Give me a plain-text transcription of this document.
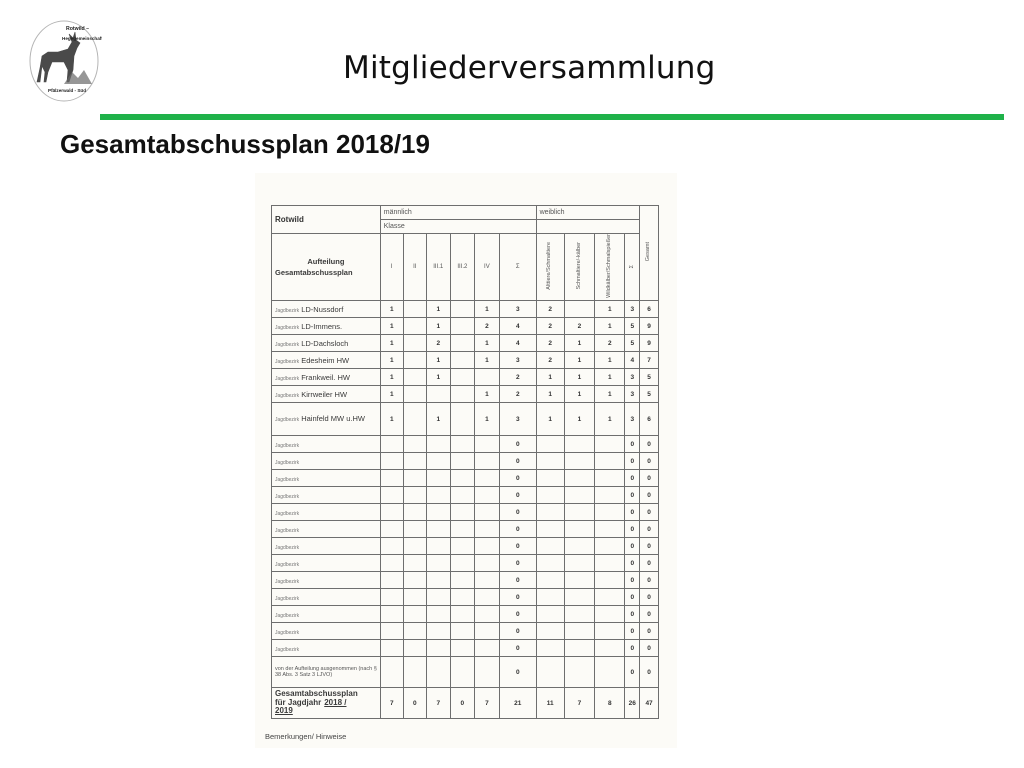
Rotwild –
Hegegemeinschaft
Pfälzerwald - Süd
Mitgliederversammlung
Gesamtabschussplan 2018/19
Rotwild	männlich						weiblich				Gesamt
	Klasse										

Aufteilung
Gesamtabschussplan	I	II	III.1	III.2	IV	Σ	Alttiere/Schmaltiere	Schmaltiere/-kälber	Wildkälber/Schmalspießer	Σ	
Jagdbezirk LD-Nussdorf	1		1		1	3	2		1	3	6
Jagdbezirk LD-Immens.	1		1		2	4	2	2	1	5	9
Jagdbezirk LD-Dachsloch	1		2		1	4	2	1	2	5	9
Jagdbezirk Edesheim HW	1		1		1	3	2	1	1	4	7
Jagdbezirk Frankweil. HW	1		1			2	1	1	1	3	5
Jagdbezirk Kirrweiler HW	1				1	2	1	1	1	3	5
Jagdbezirk Hainfeld MW u.HW	1		1		1	3	1	1	1	3	6
Jagdbezirk						0				0	0
Jagdbezirk						0				0	0
Jagdbezirk						0				0	0
Jagdbezirk						0				0	0
Jagdbezirk						0				0	0
Jagdbezirk						0				0	0
Jagdbezirk						0				0	0
Jagdbezirk						0				0	0
Jagdbezirk						0				0	0
Jagdbezirk						0				0	0
Jagdbezirk						0				0	0
Jagdbezirk						0				0	0
Jagdbezirk						0				0	0
von der Aufteilung ausgenommen (nach § 38 Abs. 3 Satz 3 LJVO)						0				0	0

Gesamtabschussplan
für Jagdjahr 2018 /
2019	7	0	7	0	7	21	11	7	8	26	47
Bemerkungen/ Hinweise
